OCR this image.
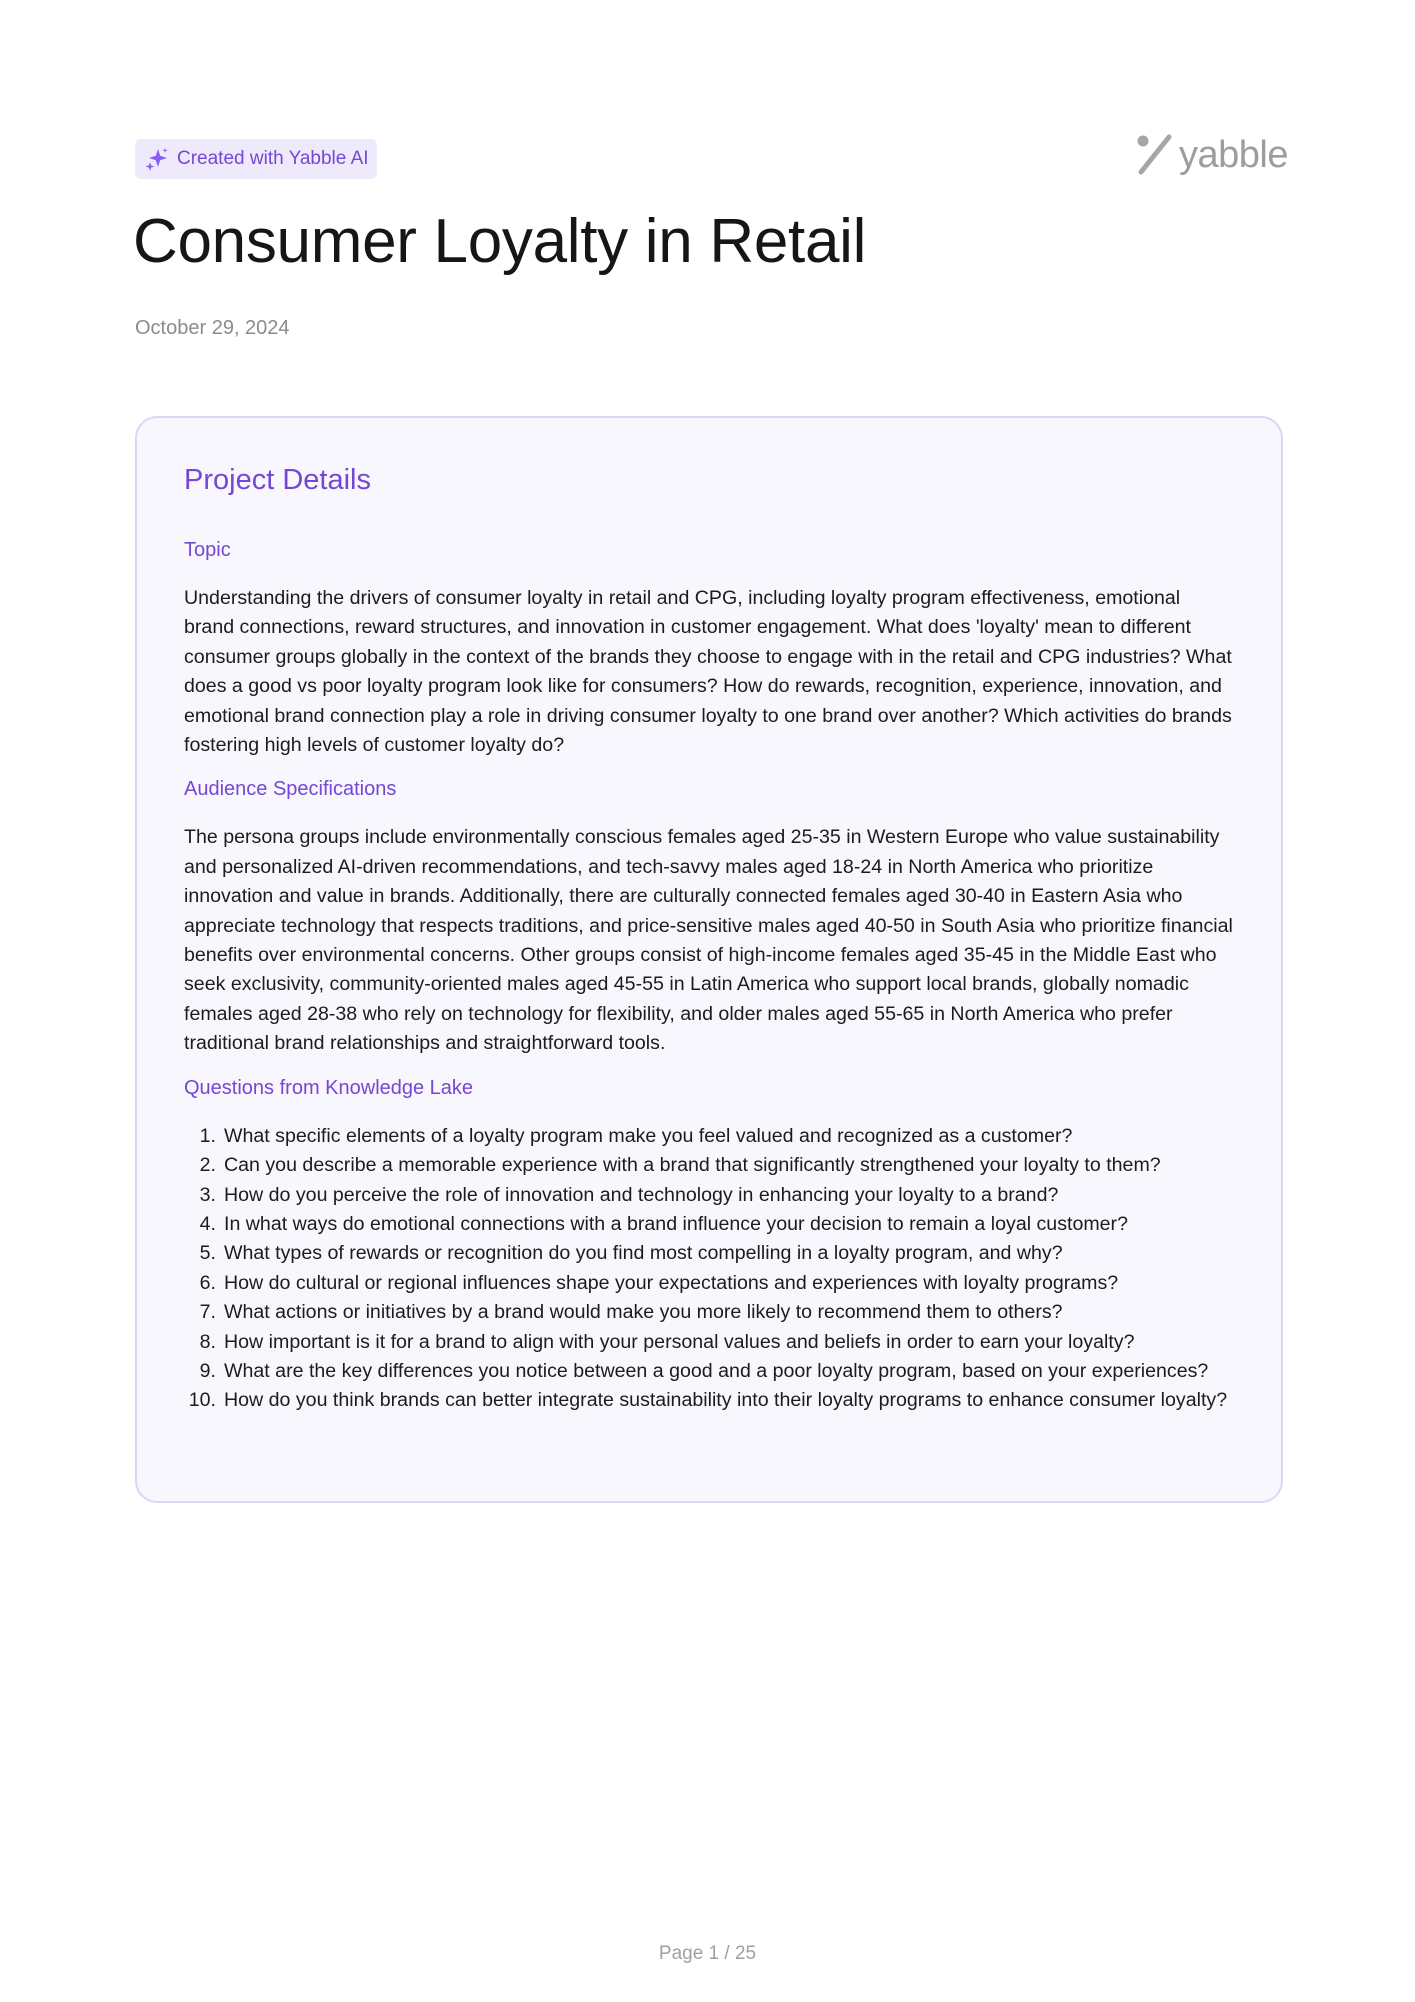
Created with Yabble AI	yabble
Consumer Loyalty in Retail
October 29, 2024
Project Details
Topic

Understanding the drivers of consumer loyalty in retail and CPG, including loyalty program effectiveness, emotional brand connections, reward structures, and innovation in customer engagement. What does 'loyalty' mean to different consumer groups globally in the context of the brands they choose to engage with in the retail and CPG industries? What does a good vs poor loyalty program look like for consumers? How do rewards, recognition, experience, innovation, and emotional brand connection play a role in driving consumer loyalty to one brand over another? Which activities do brands fostering high levels of customer loyalty do?

Audience Specifications

The persona groups include environmentally conscious females aged 25-35 in Western Europe who value sustainability and personalized AI-driven recommendations, and tech-savvy males aged 18-24 in North America who prioritize innovation and value in brands. Additionally, there are culturally connected females aged 30-40 in Eastern Asia who appreciate technology that respects traditions, and price-sensitive males aged 40-50 in South Asia who prioritize financial benefits over environmental concerns. Other groups consist of high-income females aged 35-45 in the Middle East who seek exclusivity, community-oriented males aged 45-55 in Latin America who support local brands, globally nomadic females aged 28-38 who rely on technology for flexibility, and older males aged 55-65 in North America who prefer traditional brand relationships and straightforward tools.

Questions from Knowledge Lake
1. What specific elements of a loyalty program make you feel valued and recognized as a customer?
2. Can you describe a memorable experience with a brand that significantly strengthened your loyalty to them?
3. How do you perceive the role of innovation and technology in enhancing your loyalty to a brand?
4. In what ways do emotional connections with a brand influence your decision to remain a loyal customer?
5. What types of rewards or recognition do you find most compelling in a loyalty program, and why?
6. How do cultural or regional influences shape your expectations and experiences with loyalty programs?
7. What actions or initiatives by a brand would make you more likely to recommend them to others?
8. How important is it for a brand to align with your personal values and beliefs in order to earn your loyalty?
9. What are the key differences you notice between a good and a poor loyalty program, based on your experiences?
10. How do you think brands can better integrate sustainability into their loyalty programs to enhance consumer loyalty?
Page 1 / 25
